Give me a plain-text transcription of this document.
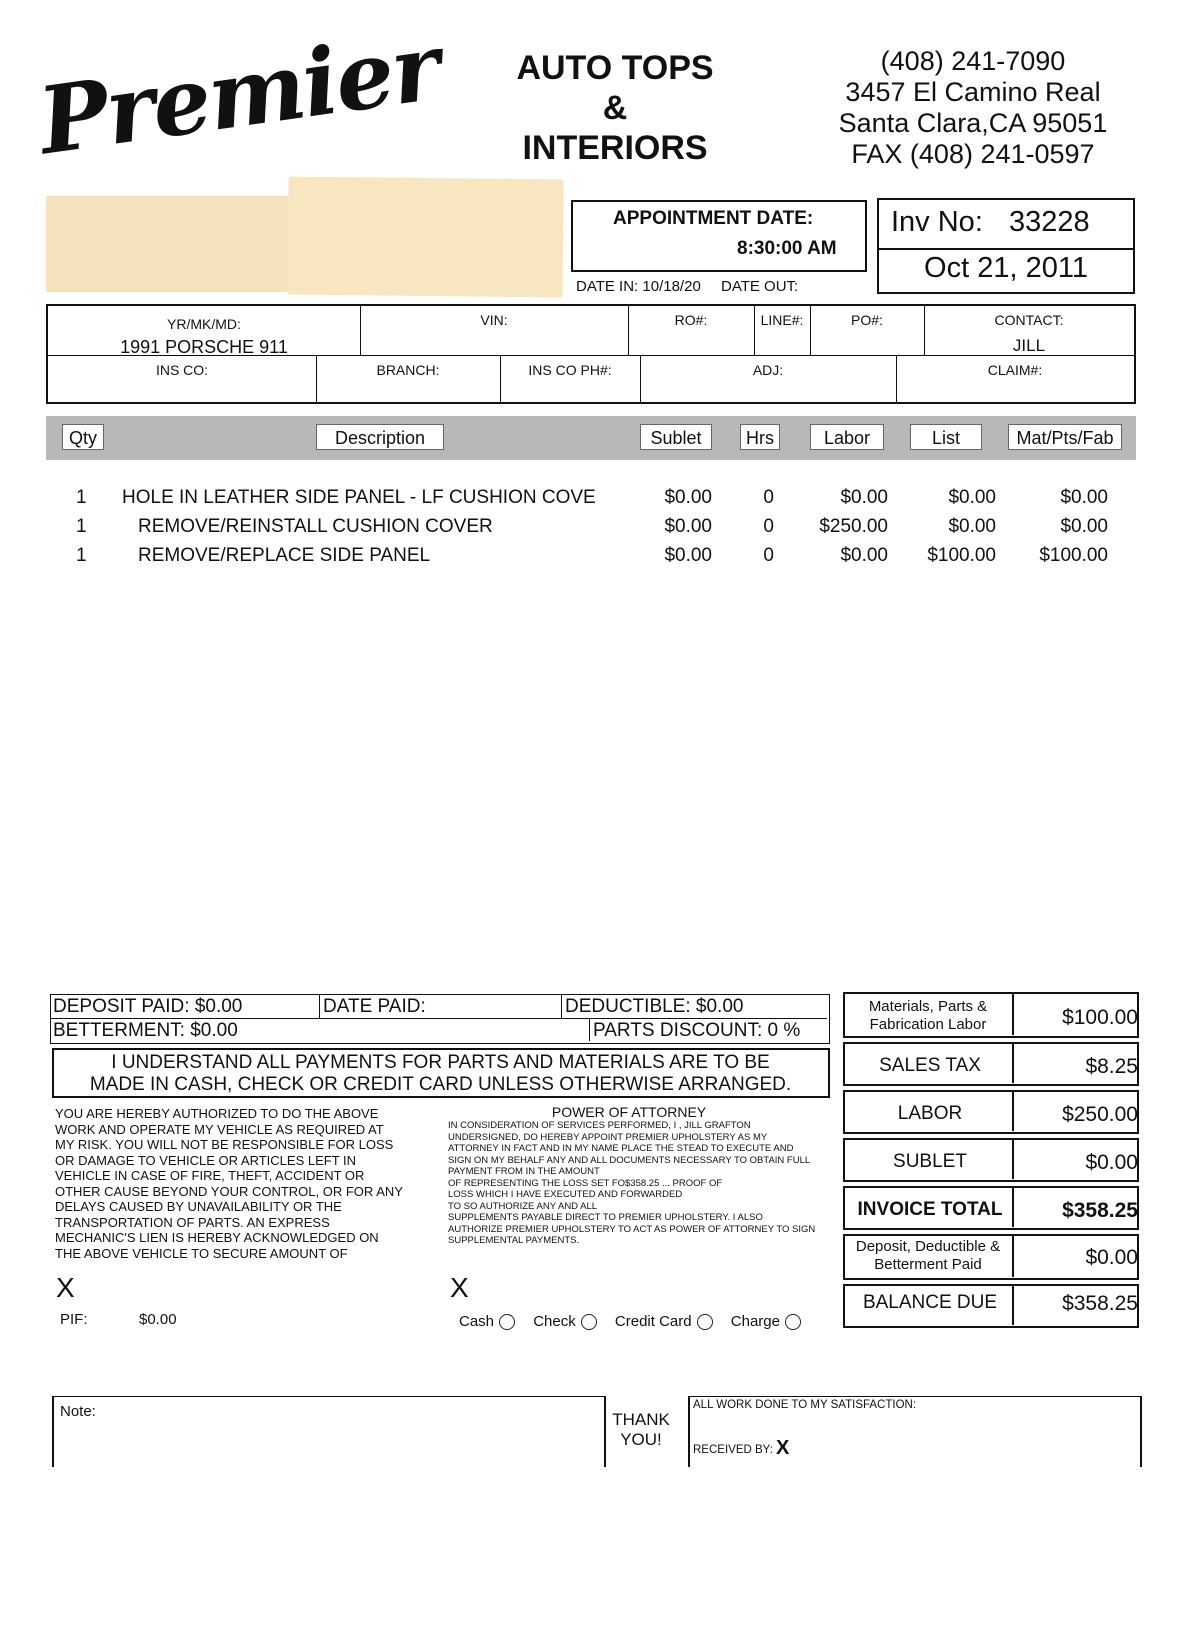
Premier	AUTO TOPS
&
INTERIORS
(408) 241-7090
3457 El Camino Real
Santa Clara,CA 95051
FAX (408) 241-0597
APPOINTMENT DATE:
8:30:00 AM
DATE IN: 10/18/20 DATE OUT:
Inv No: 33228
Oct 21, 2011
YR/MK/MD:
1991 PORSCHE 911
VIN:	RO#:	LINE#:	PO#:	CONTACT:
JILL
INS CO:	BRANCH:	INS CO PH#:	ADJ:	CLAIM#:
Qty	Description	Sublet	Hrs	Labor	List	Mat/Pts/Fab
1 HOLE IN LEATHER SIDE PANEL - LF CUSHION COVE	$0.00	0	$0.00	$0.00	$0.00
1	REMOVE/REINSTALL CUSHION COVER	$0.00	0	$250.00	$0.00	$0.00
1	REMOVE/REPLACE SIDE PANEL	$0.00	0	$0.00	$100.00	$100.00
DEPOSIT PAID: $0.00	DATE PAID:	DEDUCTIBLE: $0.00
BETTERMENT: $0.00	PARTS DISCOUNT: 0 %
I UNDERSTAND ALL PAYMENTS FOR PARTS AND MATERIALS ARE TO BE
MADE IN CASH, CHECK OR CREDIT CARD UNLESS OTHERWISE ARRANGED.
YOU ARE HEREBY AUTHORIZED TO DO THE ABOVE
WORK AND OPERATE MY VEHICLE AS REQUIRED AT
MY RISK. YOU WILL NOT BE RESPONSIBLE FOR LOSS
OR DAMAGE TO VEHICLE OR ARTICLES LEFT IN
VEHICLE IN CASE OF FIRE, THEFT, ACCIDENT OR
OTHER CAUSE BEYOND YOUR CONTROL, OR FOR ANY
DELAYS CAUSED BY UNAVAILABILITY OR THE
TRANSPORTATION OF PARTS. AN EXPRESS
MECHANIC'S LIEN IS HEREBY ACKNOWLEDGED ON
THE ABOVE VEHICLE TO SECURE AMOUNT OF
X
PIF:	$0.00
POWER OF ATTORNEY
IN CONSIDERATION OF SERVICES PERFORMED, I , JILL GRAFTON
UNDERSIGNED, DO HEREBY APPOINT PREMIER UPHOLSTERY AS MY
ATTORNEY IN FACT AND IN MY NAME PLACE THE STEAD TO EXECUTE AND
SIGN ON MY BEHALF ANY AND ALL DOCUMENTS NECESSARY TO OBTAIN FULL
PAYMENT FROM IN THE AMOUNT
OF REPRESENTING THE LOSS SET FO$358.25 ... PROOF OF
LOSS WHICH I HAVE EXECUTED AND FORWARDED
TO SO AUTHORIZE ANY AND ALL
SUPPLEMENTS PAYABLE DIRECT TO PREMIER UPHOLSTERY. I ALSO
AUTHORIZE PREMIER UPHOLSTERY TO ACT AS POWER OF ATTORNEY TO SIGN
SUPPLEMENTAL PAYMENTS.
X
Cash	Check	Credit Card	Charge
Materials, Parts & Fabrication Labor	$100.00
SALES TAX	$8.25
LABOR	$250.00
SUBLET	$0.00
INVOICE TOTAL	$358.25
Deposit, Deductible & Betterment Paid	$0.00
BALANCE DUE	$358.25
Note:	THANK
YOU!
ALL WORK DONE TO MY SATISFACTION:
RECEIVED BY: X
